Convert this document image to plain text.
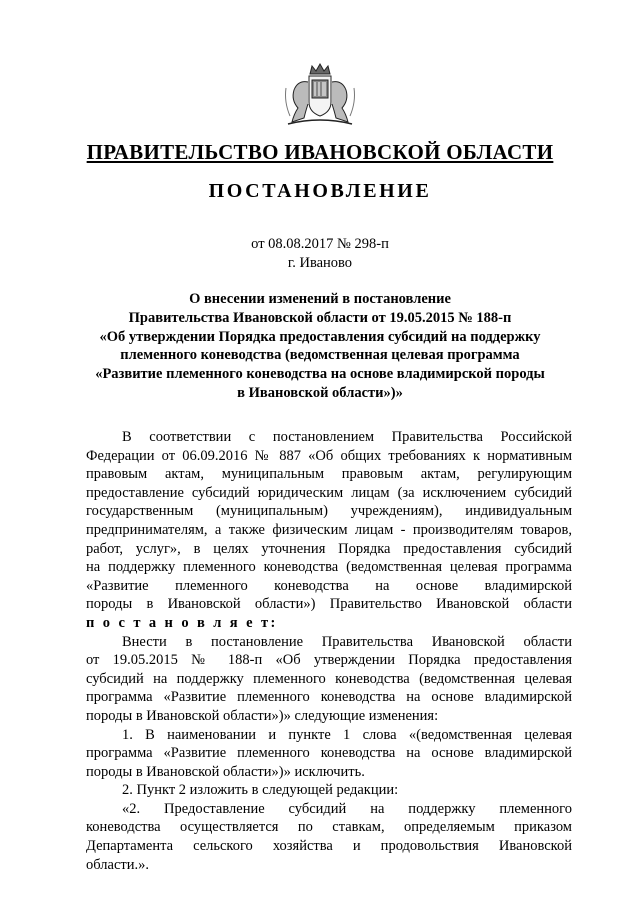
ПРАВИТЕЛЬСТВО ИВАНОВСКОЙ ОБЛАСТИ
ПОСТАНОВЛЕНИЕ
от 08.08.2017 № 298-п
г. Иваново
О внесении изменений в постановление
Правительства Ивановской области от 19.05.2015 № 188-п
«Об утверждении Порядка предоставления субсидий на поддержку
племенного коневодства (ведомственная целевая программа
«Развитие племенного коневодства на основе владимирской породы
в Ивановской области»)»
В соответствии с постановлением Правительства Российской
Федерации от 06.09.2016 № 887 «Об общих требованиях к нормативным
правовым актам, муниципальным правовым актам, регулирующим
предоставление субсидий юридическим лицам (за исключением субсидий
государственным (муниципальным) учреждениям), индивидуальным
предпринимателям, а также физическим лицам - производителям товаров,
работ, услуг», в целях уточнения Порядка предоставления субсидий
на поддержку племенного коневодства (ведомственная целевая программа
«Развитие племенного коневодства на основе владимирской
породы в Ивановской области») Правительство Ивановской области
п о с т а н о в л я е т:
Внести в постановление Правительства Ивановской области
от 19.05.2015 № 188-п «Об утверждении Порядка предоставления
субсидий на поддержку племенного коневодства (ведомственная целевая
программа «Развитие племенного коневодства на основе владимирской
породы в Ивановской области»)» следующие изменения:
1. В наименовании и пункте 1 слова «(ведомственная целевая
программа «Развитие племенного коневодства на основе владимирской
породы в Ивановской области»)» исключить.
2. Пункт 2 изложить в следующей редакции:
«2. Предоставление субсидий на поддержку племенного
коневодства осуществляется по ставкам, определяемым приказом
Департамента сельского хозяйства и продовольствия Ивановской
области.».
